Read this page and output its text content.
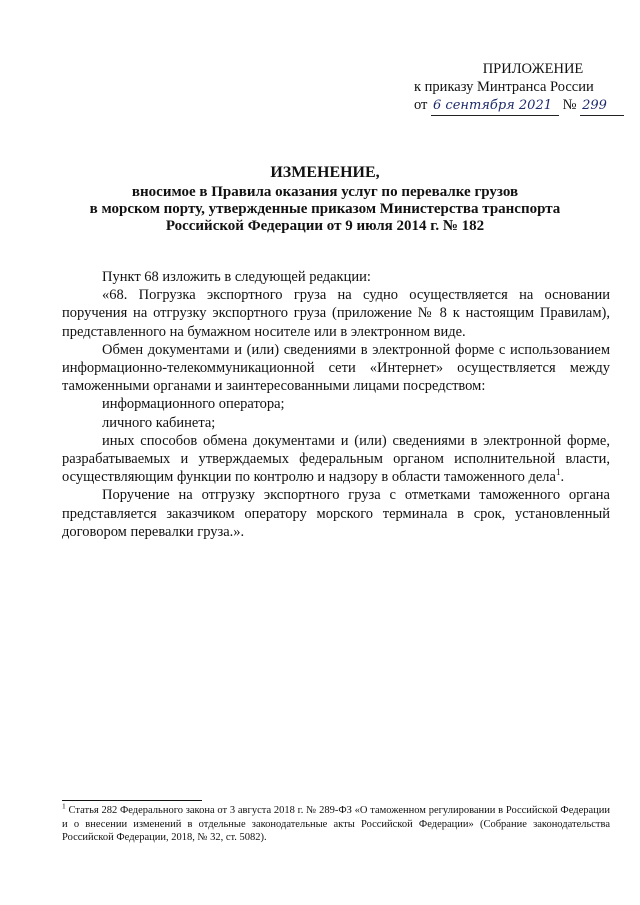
ПРИЛОЖЕНИЕ
к приказу Минтранса России
от 6 сентября 2021 № 299
ИЗМЕНЕНИЕ,
вносимое в Правила оказания услуг по перевалке грузов
в морском порту, утвержденные приказом Министерства транспорта
Российской Федерации от 9 июля 2014 г. № 182

Пункт 68 изложить в следующей редакции:

«68. Погрузка экспортного груза на судно осуществляется на основании поручения на отгрузку экспортного груза (приложение № 8 к настоящим Правилам), представленного на бумажном носителе или в электронном виде.

Обмен документами и (или) сведениями в электронной форме с использованием информационно-телекоммуникационной сети «Интернет» осуществляется между таможенными органами и заинтересованными лицами посредством:

информационного оператора;

личного кабинета;

иных способов обмена документами и (или) сведениями в электронной форме, разрабатываемых и утверждаемых федеральным органом исполнительной власти, осуществляющим функции по контролю и надзору в области таможенного дела$^1$.

Поручение на отгрузку экспортного груза с отметками таможенного органа представляется заказчиком оператору морского терминала в срок, установленный договором перевалки груза.».

$^1$ Статья 282 Федерального закона от 3 августа 2018 г. № 289-ФЗ «О таможенном регулировании в Российской Федерации и о внесении изменений в отдельные законодательные акты Российской Федерации» (Собрание законодательства Российской Федерации, 2018, № 32, ст. 5082).
